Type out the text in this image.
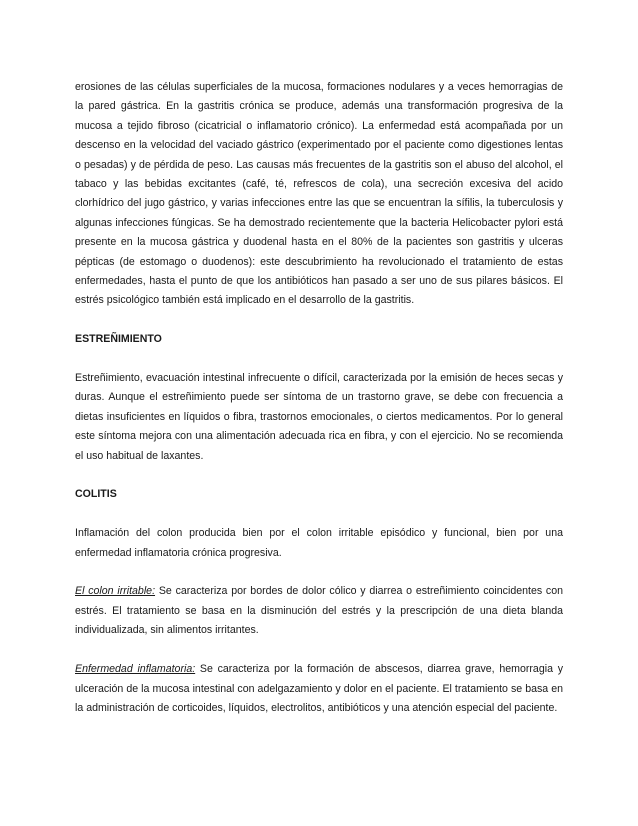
erosiones de las células superficiales de la mucosa, formaciones nodulares y a veces hemorragias de la pared gástrica. En la gastritis crónica se produce, además una transformación progresiva de la mucosa a tejido fibroso (cicatricial o inflamatorio crónico). La enfermedad está acompañada por un descenso en la velocidad del vaciado gástrico (experimentado por el paciente como digestiones lentas o pesadas) y de pérdida de peso. Las causas más frecuentes de la gastritis son el abuso del alcohol, el tabaco y las bebidas excitantes (café, té, refrescos de cola), una secreción excesiva del acido clorhídrico del jugo gástrico, y varias infecciones entre las que se encuentran la sífilis, la tuberculosis y algunas infecciones fúngicas. Se ha demostrado recientemente que la bacteria Helicobacter pylori está presente en la mucosa gástrica y duodenal hasta en el 80% de la pacientes son gastritis y ulceras pépticas (de estomago o duodenos): este descubrimiento ha revolucionado el tratamiento de estas enfermedades, hasta el punto de que los antibióticos han pasado a ser uno de sus pilares básicos. El estrés psicológico también está implicado en el desarrollo de la gastritis.

ESTREÑIMIENTO

Estreñimiento, evacuación intestinal infrecuente o difícil, caracterizada por la emisión de heces secas y duras. Aunque el estreñimiento puede ser síntoma de un trastorno grave, se debe con frecuencia a dietas insuficientes en líquidos o fibra, trastornos emocionales, o ciertos medicamentos. Por lo general este síntoma mejora con una alimentación adecuada rica en fibra, y con el ejercicio. No se recomienda el uso habitual de laxantes.

COLITIS

Inflamación del colon producida bien por el colon irritable episódico y funcional, bien por una enfermedad inflamatoria crónica progresiva.

El colon irritable: Se caracteriza por bordes de dolor cólico y diarrea o estreñimiento coincidentes con estrés. El tratamiento se basa en la disminución del estrés y la prescripción de una dieta blanda individualizada, sin alimentos irritantes.

Enfermedad inflamatoria: Se caracteriza por la formación de abscesos, diarrea grave, hemorragia y ulceración de la mucosa intestinal con adelgazamiento y dolor en el paciente. El tratamiento se basa en la administración de corticoides, líquidos, electrolitos, antibióticos y una atención especial del paciente.
